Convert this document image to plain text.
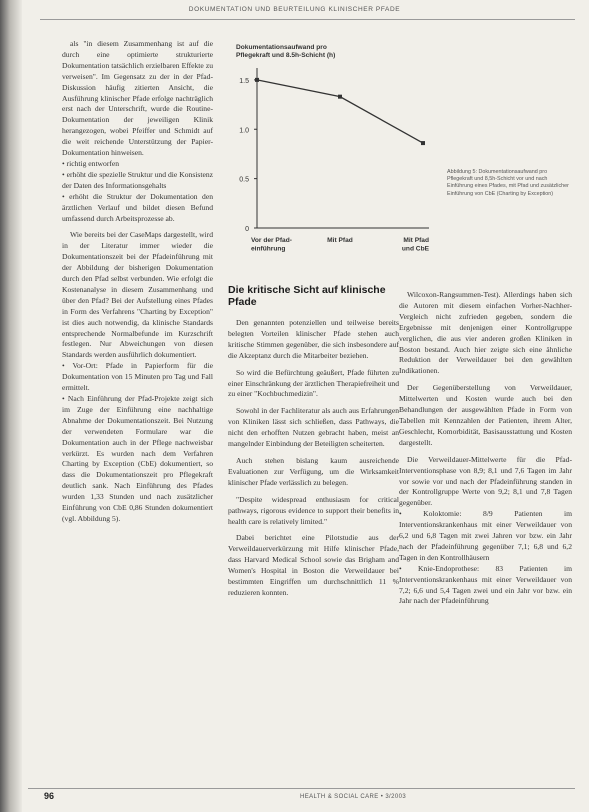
DOKUMENTATION UND BEURTEILUNG KLINISCHER PFADE

als "in diesem Zusammenhang ist auf die durch eine optimierte strukturierte Dokumentation tatsächlich erzielbaren Effekte zu verweisen". Im Gegensatz zu der in der Pfad-Diskussion häufig zitierten Ansicht, die Ausführung klinischer Pfade erfolge nachträglich erst nach der Unterschrift, wurde die Routine-Dokumentation der jeweiligen Klinik herangezogen, wobei Pfeiffer und Schmidt auf die weit reichende Unterstützung der Papier-Dokumentation hinweisen.

• richtig entworfen

• erhöht die spezielle Struktur und die Konsistenz der Daten des Informationsgehalts

• erhöht die Struktur der Dokumentation den ärztlichen Verlauf und bildet diesen Befund umfassend durch Arbeitsprozesse ab.

Wie bereits bei der CaseMaps dargestellt, wird in der Literatur immer wieder die Dokumentationszeit bei der Pfadeinführung mit der Abbildung der bisherigen Dokumentation durch den Pfad selbst verbunden. Wie erfolgt die Kostenanalyse in diesem Zusammenhang und über den Pfad? Bei der Aufstellung eines Pfades in Form des Verfahrens "Charting by Exception" ist dies auch notwendig, da klinische Standards entsprechende Normalbefunde im Kurzschrift festlegen. Nur Abweichungen von diesen Standards werden ausführlich dokumentiert.

• Vor-Ort: Pfade in Papierform für die Dokumentation von 15 Minuten pro Tag und Fall ermittelt.

• Nach Einführung der Pfad-Projekte zeigt sich im Zuge der Einführung eine nachhaltige Abnahme der Dokumentationszeit. Bei Nutzung der verwendeten Formulare war die Dokumentation auch in der Pflege nachweisbar verkürzt. Es wurden nach dem Verfahren Charting by Exception (CbE) dokumentiert, so dass die Dokumentationszeit pro Pflegekraft deutlich sank. Nach Einführung des Pfades wurden 1,33 Stunden und nach zusätzlicher Einführung von CbE 0,86 Stunden dokumentiert (vgl. Abbildung 5).

Dokumentationsaufwand pro
Pflegekraft und 8.5h-Schicht (h)
0
0.5
1.0
1.5
Vor der Pfad-einführung
Mit Pfad	Mit Pfad und CbE
Abbildung 5: Dokumentationsaufwand pro Pflegekraft und 8,5h-Schicht vor und nach Einführung eines Pfades, mit Pfad und zusätzlicher Einführung von CbE (Charting by Exception)
Die kritische Sicht auf klinische Pfade

Den genannten potenziellen und teilweise bereits belegten Vorteilen klinischer Pfade stehen auch kritische Stimmen gegenüber, die sich insbesondere auf die Akzeptanz durch die Mitarbeiter beziehen.

So wird die Befürchtung geäußert, Pfade führten zu einer Einschränkung der ärztlichen Therapiefreiheit und zu einer "Kochbuchmedizin".

Sowohl in der Fachliteratur als auch aus Erfahrungen von Kliniken lässt sich schließen, dass Pathways, die nicht den erhofften Nutzen gebracht haben, meist an mangelnder Einbindung der Beteiligten scheiterten.

Auch stehen bislang kaum ausreichende Evaluationen zur Verfügung, um die Wirksamkeit klinischer Pfade verlässlich zu belegen.

"Despite widespread enthusiasm for critical pathways, rigorous evidence to support their benefits in health care is relatively limited."

Dabei berichtet eine Pilotstudie aus der Verweildauerverkürzung mit Hilfe klinischer Pfade, dass Harvard Medical School sowie das Brigham and Women's Hospital in Boston die Verweildauer bei bestimmten Eingriffen um durchschnittlich 11 % reduzieren konnten.

Wilcoxon-Rangsummen-Test). Allerdings haben sich die Autoren mit diesem einfachen Vorher-Nachher-Vergleich nicht zufrieden gegeben, sondern die Ergebnisse mit denjenigen einer Kontrollgruppe verglichen, die aus vier anderen großen Kliniken in Boston bestand. Auch hier zeigte sich eine ähnliche Reduktion der Verweildauer bei den gewählten Indikationen.

Der Gegenüberstellung von Verweildauer, Mittelwerten und Kosten wurde auch bei den Behandlungen der ausgewählten Pfade in Form von Tabellen mit Kennzahlen der Patienten, ihrem Alter, Geschlecht, Komorbidität, Basisausstattung und Kosten dargestellt.

Die Verweildauer-Mittelwerte für die Pfad-Interventionsphase von 8,9; 8,1 und 7,6 Tagen im Jahr vor sowie vor und nach der Pfadeinführung standen in der Kontrollgruppe Werte von 9,2; 8,1 und 7,8 Tagen gegenüber.

• Koloktomie: 8/9 Patienten im Interventionskrankenhaus mit einer Verweildauer von 6,2 und 6,8 Tagen mit zwei Jahren vor bzw. ein Jahr nach der Pfadeinführung gegenüber 7,1; 6,8 und 6,2 Tagen in den Kontrollhäusern

• Knie-Endoprothese: 83 Patienten im Interventionskrankenhaus mit einer Verweildauer von 7,2; 6,6 und 5,4 Tagen zwei und ein Jahr vor bzw. ein Jahr nach der Pfadeinführung

96	HEALTH & SOCIAL CARE • 3/2003
